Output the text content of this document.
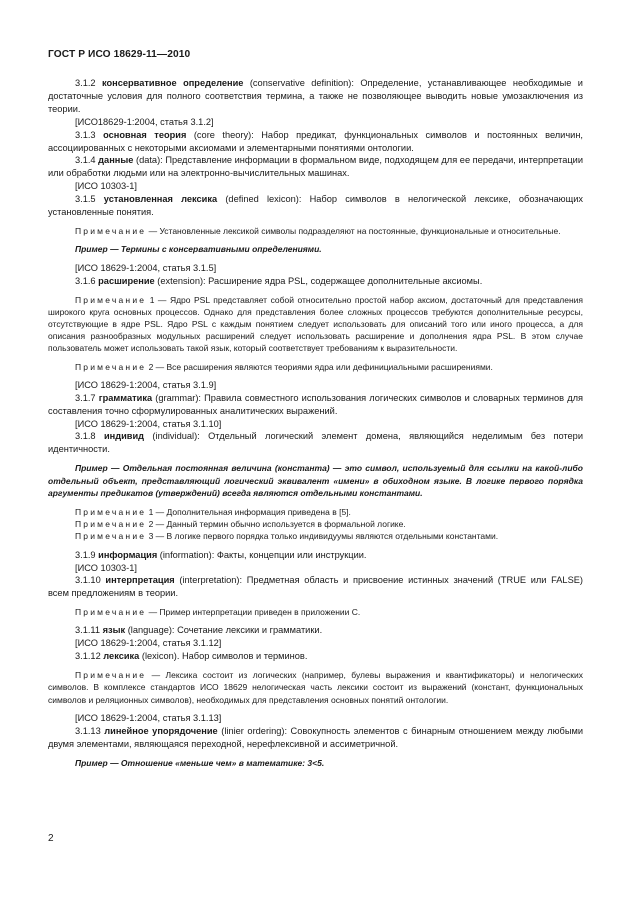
ГОСТ Р ИСО 18629-11—2010

3.1.2 консервативное определение (conservative definition): Определение, устанавливающее необходимые и достаточные условия для полного соответствия термина, а также не позволяющее выводить новые умозаключения из теории.

[ИСО18629-1:2004, статья 3.1.2]

3.1.3 основная теория (core theory): Набор предикат, функциональных символов и постоянных величин, ассоциированных с некоторыми аксиомами и элементарными понятиями онтологии.

3.1.4 данные (data): Представление информации в формальном виде, подходящем для ее передачи, интерпретации или обработки людьми или на электронно-вычислительных машинах.

[ИСО 10303-1]

3.1.5 установленная лексика (defined lexicon): Набор символов в нелогической лексике, обозначающих установленные понятия.

Примечание — Установленные лексикой символы подразделяют на постоянные, функциональные и относительные.

Пример — Термины с консервативными определениями.

[ИСО 18629-1:2004, статья 3.1.5]

3.1.6 расширение (extension): Расширение ядра PSL, содержащее дополнительные аксиомы.

Примечание 1 — Ядро PSL представляет собой относительно простой набор аксиом, достаточный для представления широкого круга основных процессов. Однако для представления более сложных процессов требуются дополнительные ресурсы, отсутствующие в ядре PSL. Ядро PSL с каждым понятием следует использовать для описаний того или иного процесса, а для описания разнообразных модульных расширений следует использовать расширение и дополнения ядра PSL. В этом случае пользователь может использовать такой язык, который соответствует требованиям к выразительности.

Примечание 2 — Все расширения являются теориями ядра или дефинициальными расширениями.

[ИСО 18629-1:2004, статья 3.1.9]

3.1.7 грамматика (grammar): Правила совместного использования логических символов и словарных терминов для составления точно сформулированных аналитических выражений.

[ИСО 18629-1:2004, статья 3.1.10]

3.1.8 индивид (individual): Отдельный логический элемент домена, являющийся неделимым без потери идентичности.

Пример — Отдельная постоянная величина (константа) — это символ, используемый для ссылки на какой-либо отдельный объект, представляющий логический эквивалент «имени» в обиходном языке. В логике первого порядка аргументы предикатов (утверждений) всегда являются отдельными константами.

Примечание 1 — Дополнительная информация приведена в [5].

Примечание 2 — Данный термин обычно используется в формальной логике.

Примечание 3 — В логике первого порядка только индивидуумы являются отдельными константами.

3.1.9 информация (information): Факты, концепции или инструкции.

[ИСО 10303-1]

3.1.10 интерпретация (interpretation): Предметная область и присвоение истинных значений (TRUE или FALSE) всем предложениям в теории.

Примечание — Пример интерпретации приведен в приложении С.

3.1.11 язык (language): Сочетание лексики и грамматики.

[ИСО 18629-1:2004, статья 3.1.12]

3.1.12 лексика (lexicon). Набор символов и терминов.

Примечание — Лексика состоит из логических (например, булевы выражения и квантификаторы) и нелогических символов. В комплексе стандартов ИСО 18629 нелогическая часть лексики состоит из выражений (констант, функциональных символов и реляционных символов), необходимых для представления основных понятий онтологии.

[ИСО 18629-1:2004, статья 3.1.13]

3.1.13 линейное упорядочение (linier ordering): Совокупность элементов с бинарным отношением между любыми двумя элементами, являющаяся переходной, нерефлексивной и ассиметричной.

Пример — Отношение «меньше чем» в математике: 3<5.

2
